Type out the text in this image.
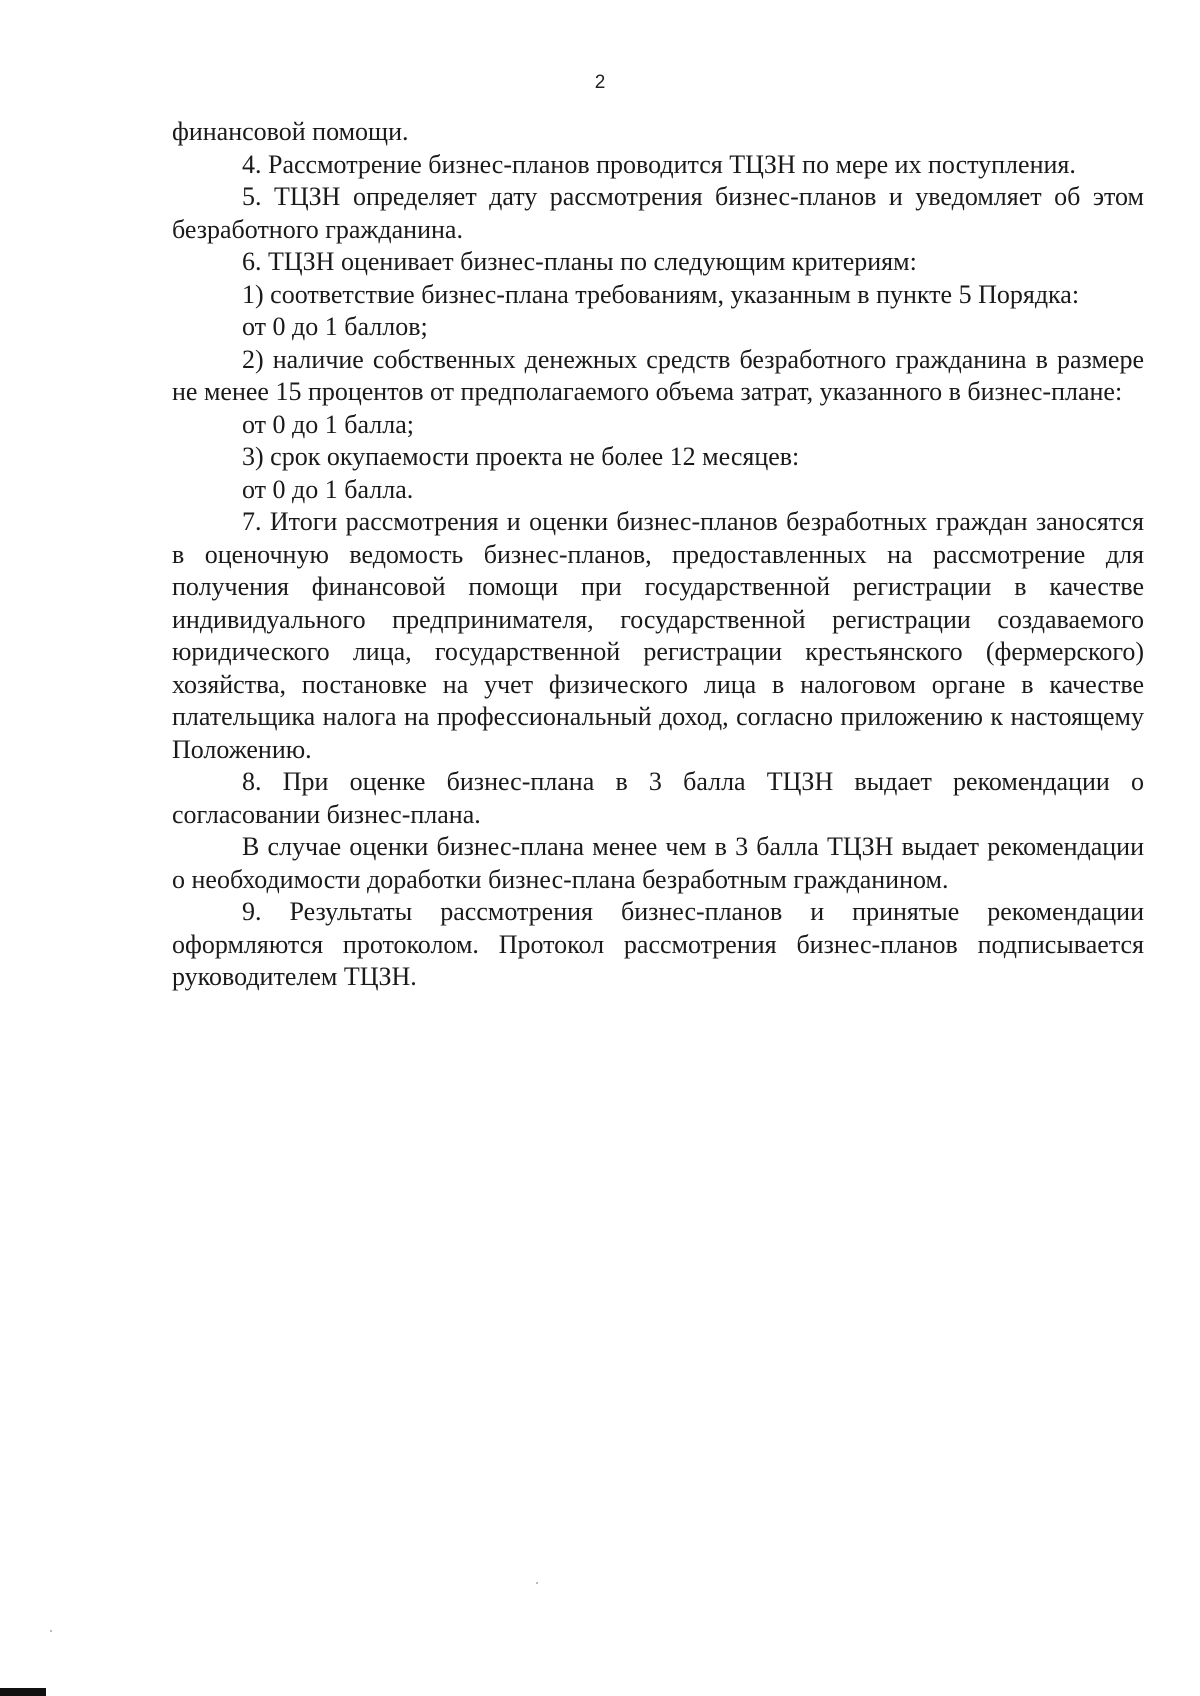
2

финансовой помощи.

4. Рассмотрение бизнес-планов проводится ТЦЗН по мере их поступления.

5. ТЦЗН определяет дату рассмотрения бизнес-планов и уведомляет об этом безработного гражданина.

6. ТЦЗН оценивает бизнес-планы по следующим критериям:

1) соответствие бизнес-плана требованиям, указанным в пункте 5 Порядка:

от 0 до 1 баллов;

2) наличие собственных денежных средств безработного гражданина в размере не менее 15 процентов от предполагаемого объема затрат, указанного в бизнес-плане:

от 0 до 1 балла;

3) срок окупаемости проекта не более 12 месяцев:

от 0 до 1 балла.

7. Итоги рассмотрения и оценки бизнес-планов безработных граждан заносятся в оценочную ведомость бизнес-планов, предоставленных на рассмотрение для получения финансовой помощи при государственной регистрации в качестве индивидуального предпринимателя, государственной регистрации создаваемого юридического лица, государственной регистрации крестьянского (фермерского) хозяйства, постановке на учет физического лица в налоговом органе в качестве плательщика налога на профессиональный доход, согласно приложению к настоящему Положению.

8. При оценке бизнес-плана в 3 балла ТЦЗН выдает рекомендации о согласовании бизнес-плана.

В случае оценки бизнес-плана менее чем в 3 балла ТЦЗН выдает рекомендации о необходимости доработки бизнес-плана безработным гражданином.

9. Результаты рассмотрения бизнес-планов и принятые рекомендации оформляются протоколом. Протокол рассмотрения бизнес-планов подписывается руководителем ТЦЗН.
